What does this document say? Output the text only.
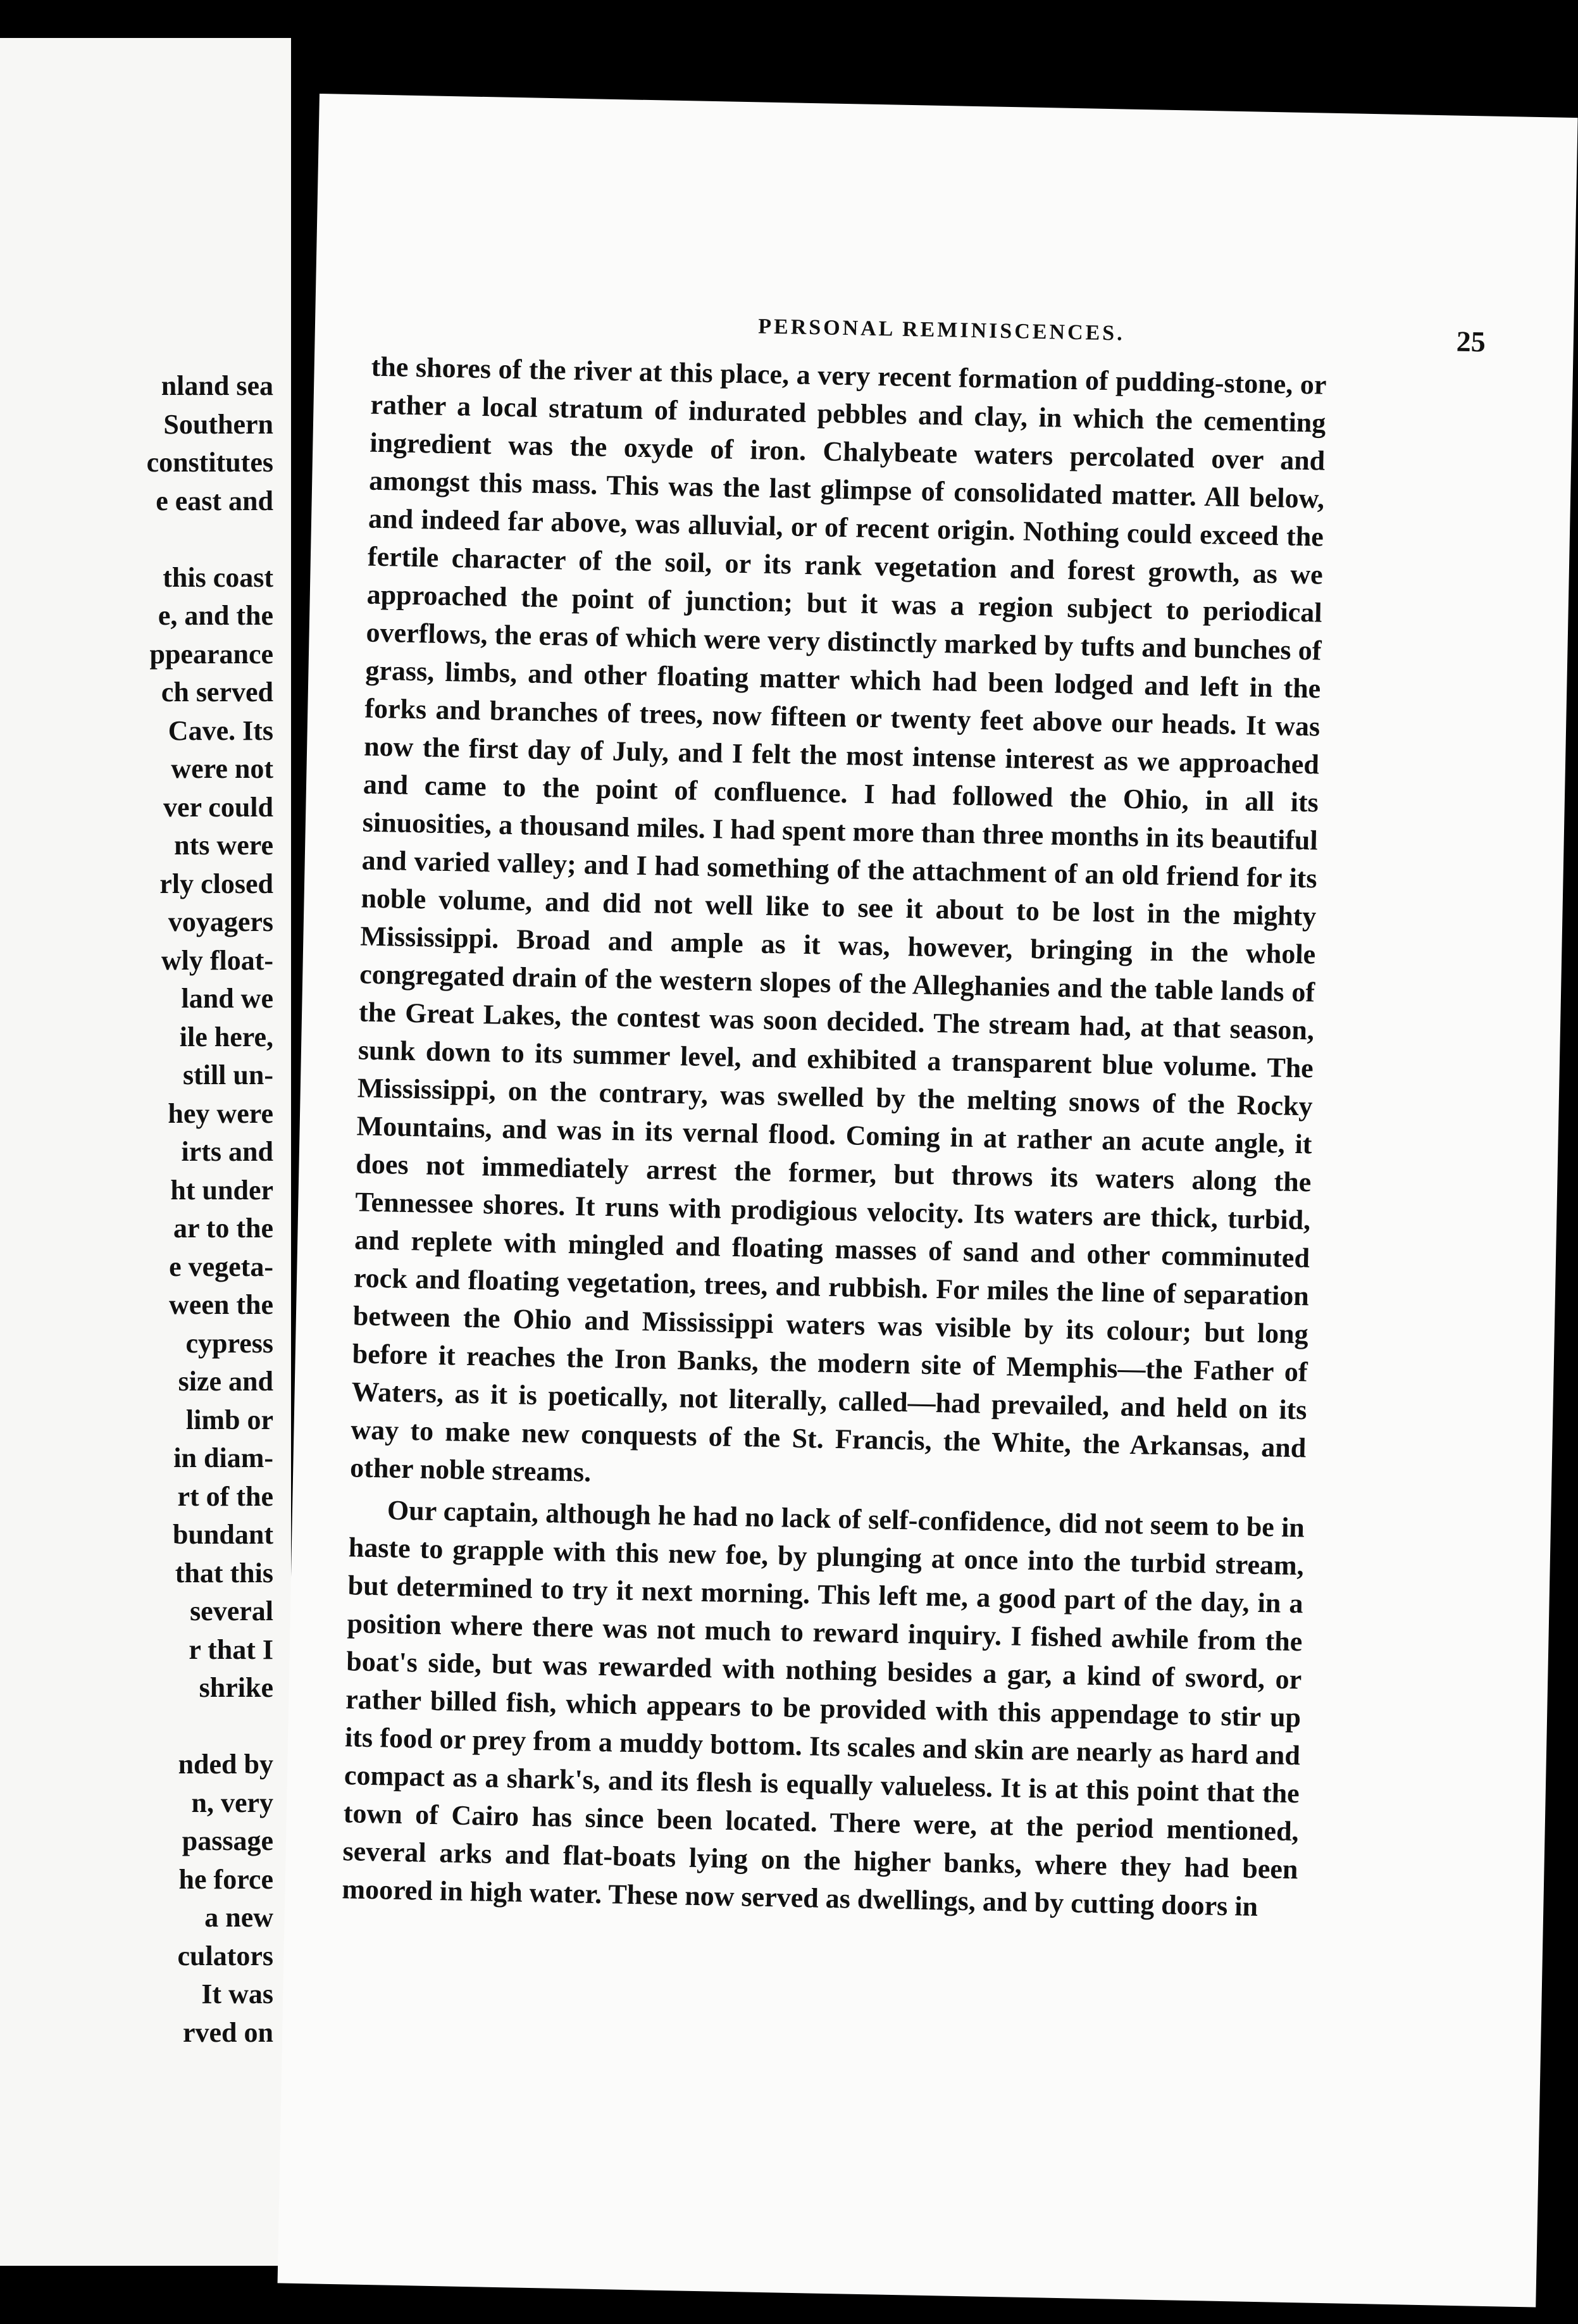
nland sea
Southern
constitutes
e east and

this coast
e, and the
ppearance
ch served
Cave. Its
were not
ver could
nts were
rly closed
voyagers
wly float-
land we
ile here,
still un-
hey were
irts and
ht under
ar to the
e vegeta-
ween the
cypress
size and
limb or
in diam-
rt of the
bundant
that this
several
r that I
shrike

nded by
n, very
passage
he force
a new
culators
It was
rved on
PERSONAL REMINISCENCES.	25

the shores of the river at this place, a very recent formation of pudding-stone, or rather a local stratum of indurated pebbles and clay, in which the cementing ingredient was the oxyde of iron. Chalybeate waters percolated over and amongst this mass. This was the last glimpse of consolidated matter. All below, and indeed far above, was alluvial, or of recent origin. Nothing could exceed the fertile character of the soil, or its rank vegetation and forest growth, as we approached the point of junction; but it was a region subject to periodical overflows, the eras of which were very distinctly marked by tufts and bunches of grass, limbs, and other floating matter which had been lodged and left in the forks and branches of trees, now fifteen or twenty feet above our heads. It was now the first day of July, and I felt the most intense interest as we approached and came to the point of confluence. I had followed the Ohio, in all its sinuosities, a thousand miles. I had spent more than three months in its beautiful and varied valley; and I had something of the attachment of an old friend for its noble volume, and did not well like to see it about to be lost in the mighty Mississippi. Broad and ample as it was, however, bringing in the whole congregated drain of the western slopes of the Alleghanies and the table lands of the Great Lakes, the contest was soon decided. The stream had, at that season, sunk down to its summer level, and exhibited a transparent blue volume. The Mississippi, on the contrary, was swelled by the melting snows of the Rocky Mountains, and was in its vernal flood. Coming in at rather an acute angle, it does not immediately arrest the former, but throws its waters along the Tennessee shores. It runs with prodigious velocity. Its waters are thick, turbid, and replete with mingled and floating masses of sand and other comminuted rock and floating vegetation, trees, and rubbish. For miles the line of separation between the Ohio and Mississippi waters was visible by its colour; but long before it reaches the Iron Banks, the modern site of Memphis—the Father of Waters, as it is poetically, not literally, called—had prevailed, and held on its way to make new conquests of the St. Francis, the White, the Arkansas, and other noble streams.

Our captain, although he had no lack of self-confidence, did not seem to be in haste to grapple with this new foe, by plunging at once into the turbid stream, but determined to try it next morning. This left me, a good part of the day, in a position where there was not much to reward inquiry. I fished awhile from the boat's side, but was rewarded with nothing besides a gar, a kind of sword, or rather billed fish, which appears to be provided with this appendage to stir up its food or prey from a muddy bottom. Its scales and skin are nearly as hard and compact as a shark's, and its flesh is equally valueless. It is at this point that the town of Cairo has since been located. There were, at the period mentioned, several arks and flat-boats lying on the higher banks, where they had been moored in high water. These now served as dwellings, and by cutting doors in
